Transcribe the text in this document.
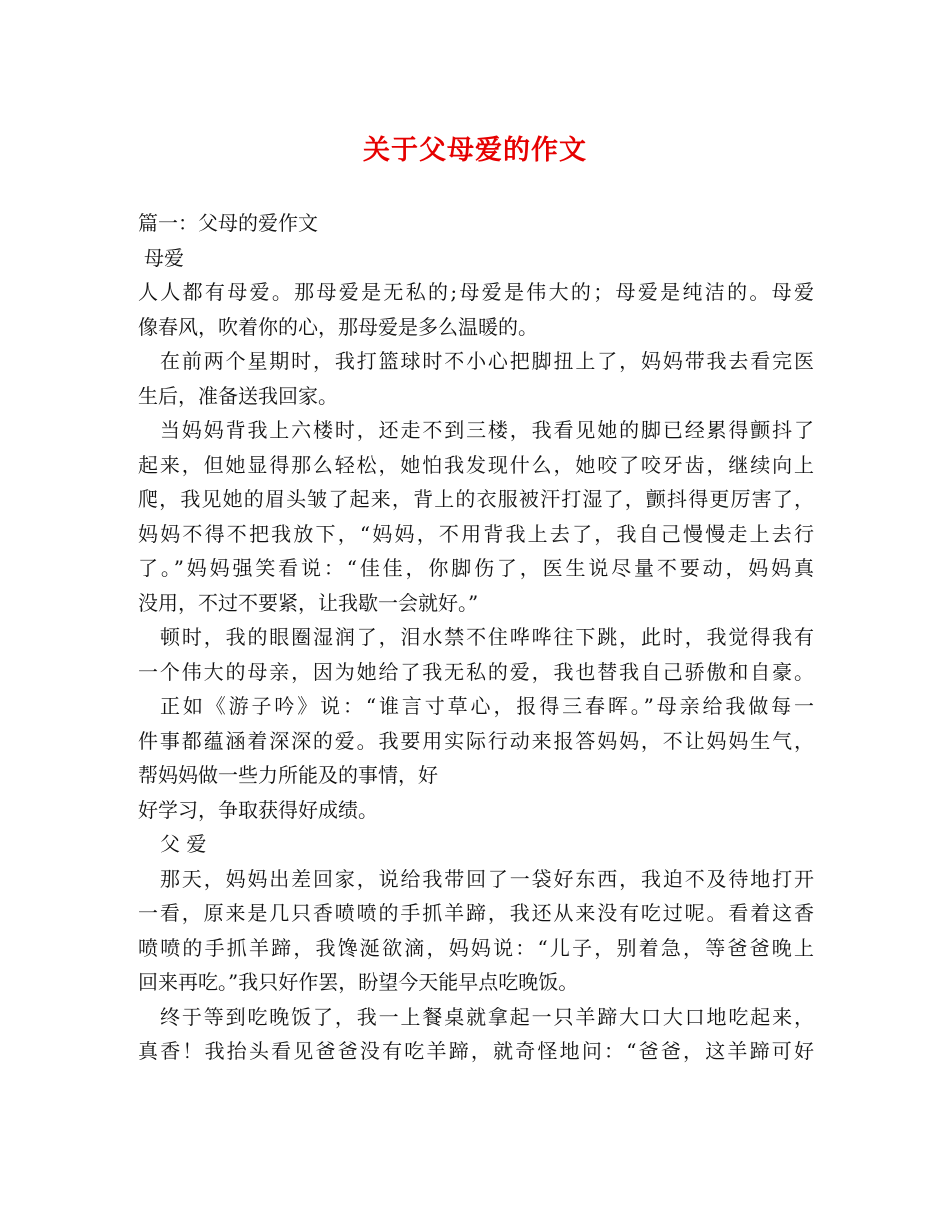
关于父母爱的作文
篇一：父母的爱作文
母爱
人人都有母爱。那母爱是无私的;母爱是伟大的；母爱是纯洁的。母爱
像春风，吹着你的心，那母爱是多么温暖的。
在前两个星期时，我打篮球时不小心把脚扭上了，妈妈带我去看完医
生后，准备送我回家。
当妈妈背我上六楼时，还走不到三楼，我看见她的脚已经累得颤抖了
起来，但她显得那么轻松，她怕我发现什么，她咬了咬牙齿，继续向上
爬，我见她的眉头皱了起来，背上的衣服被汗打湿了，颤抖得更厉害了，
妈妈不得不把我放下，“妈妈，不用背我上去了，我自己慢慢走上去行
了。”妈妈强笑看说：“佳佳，你脚伤了，医生说尽量不要动，妈妈真
没用，不过不要紧，让我歇一会就好。”
顿时，我的眼圈湿润了，泪水禁不住哗哗往下跳，此时，我觉得我有
一个伟大的母亲，因为她给了我无私的爱，我也替我自己骄傲和自豪。
正如《游子吟》说：“谁言寸草心，报得三春晖。”母亲给我做每一
件事都蕴涵着深深的爱。我要用实际行动来报答妈妈，不让妈妈生气，
帮妈妈做一些力所能及的事情，好
好学习，争取获得好成绩。
父 爱
那天，妈妈出差回家，说给我带回了一袋好东西，我迫不及待地打开
一看，原来是几只香喷喷的手抓羊蹄，我还从来没有吃过呢。看着这香
喷喷的手抓羊蹄，我馋涎欲滴，妈妈说：“儿子，别着急，等爸爸晚上
回来再吃。”我只好作罢，盼望今天能早点吃晚饭。
终于等到吃晚饭了，我一上餐桌就拿起一只羊蹄大口大口地吃起来，
真香！我抬头看见爸爸没有吃羊蹄，就奇怪地问：“爸爸，这羊蹄可好
